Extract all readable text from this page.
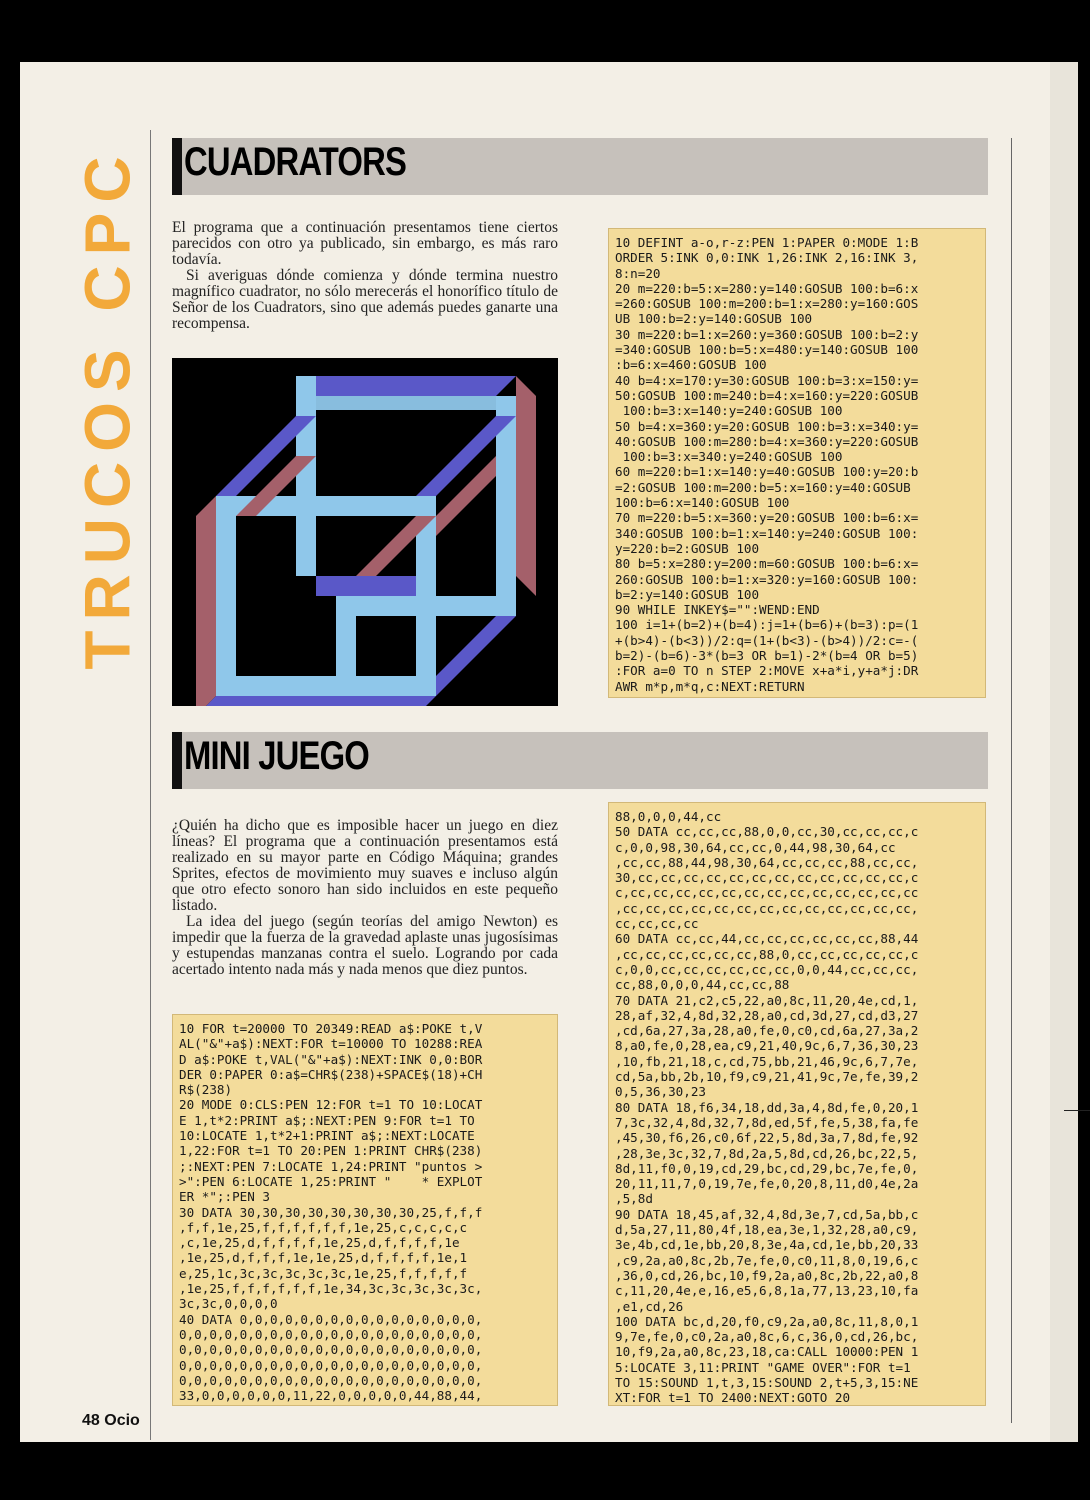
TRUCOS CPC CUADRATORS

El programa que a continuación presentamos tiene ciertos parecidos con otro ya publicado, sin embargo, es más raro todavía.

Si averiguas dónde comienza y dónde termina nuestro magnífico cuadrator, no sólo merecerás el honorífico título de Señor de los Cuadrators, sino que además puedes ganarte una recompensa.

10 DEFINT a-o,r-z:PEN 1:PAPER 0:MODE 1:B
ORDER 5:INK 0,0:INK 1,26:INK 2,16:INK 3,
8:n=20
20 m=220:b=5:x=280:y=140:GOSUB 100:b=6:x
=260:GOSUB 100:m=200:b=1:x=280:y=160:GOS
UB 100:b=2:y=140:GOSUB 100
30 m=220:b=1:x=260:y=360:GOSUB 100:b=2:y
=340:GOSUB 100:b=5:x=480:y=140:GOSUB 100
:b=6:x=460:GOSUB 100
40 b=4:x=170:y=30:GOSUB 100:b=3:x=150:y=
50:GOSUB 100:m=240:b=4:x=160:y=220:GOSUB
100:b=3:x=140:y=240:GOSUB 100
50 b=4:x=360:y=20:GOSUB 100:b=3:x=340:y=
40:GOSUB 100:m=280:b=4:x=360:y=220:GOSUB
100:b=3:x=340:y=240:GOSUB 100
60 m=220:b=1:x=140:y=40:GOSUB 100:y=20:b
=2:GOSUB 100:m=200:b=5:x=160:y=40:GOSUB
100:b=6:x=140:GOSUB 100
70 m=220:b=5:x=360:y=20:GOSUB 100:b=6:x=
340:GOSUB 100:b=1:x=140:y=240:GOSUB 100:
y=220:b=2:GOSUB 100
80 b=5:x=280:y=200:m=60:GOSUB 100:b=6:x=
260:GOSUB 100:b=1:x=320:y=160:GOSUB 100:
b=2:y=140:GOSUB 100
90 WHILE INKEY$="":WEND:END
100 i=1+(b=2)+(b=4):j=1+(b=6)+(b=3):p=(1
+(b>4)-(b<3))/2:q=(1+(b<3)-(b>4))/2:c=-(
b=2)-(b=6)-3*(b=3 OR b=1)-2*(b=4 OR b=5)
:FOR a=0 TO n STEP 2:MOVE x+a*i,y+a*j:DR
AWR m*p,m*q,c:NEXT:RETURN
MINI JUEGO

¿Quién ha dicho que es imposible hacer un juego en diez líneas? El programa que a continuación presentamos está realizado en su mayor parte en Código Máquina; grandes Sprites, efectos de movimiento muy suaves e incluso algún que otro efecto sonoro han sido incluidos en este pequeño listado.

La idea del juego (según teorías del amigo Newton) es impedir que la fuerza de la gravedad aplaste unas jugosísimas y estupendas manzanas contra el suelo. Logrando por cada acertado intento nada más y nada menos que diez puntos.

10 FOR t=20000 TO 20349:READ a$:POKE t,V
AL("&"+a$):NEXT:FOR t=10000 TO 10288:REA
D a$:POKE t,VAL("&"+a$):NEXT:INK 0,0:BOR
DER 0:PAPER 0:a$=CHR$(238)+SPACE$(18)+CH
R$(238)
20 MODE 0:CLS:PEN 12:FOR t=1 TO 10:LOCAT
E 1,t*2:PRINT a$;:NEXT:PEN 9:FOR t=1 TO
10:LOCATE 1,t*2+1:PRINT a$;:NEXT:LOCATE
1,22:FOR t=1 TO 20:PEN 1:PRINT CHR$(238)
;:NEXT:PEN 7:LOCATE 1,24:PRINT "puntos >
>":PEN 6:LOCATE 1,25:PRINT "    * EXPLOT
ER *";:PEN 3
30 DATA 30,30,30,30,30,30,30,30,25,f,f,f
,f,f,1e,25,f,f,f,f,f,f,1e,25,c,c,c,c,c
,c,1e,25,d,f,f,f,f,1e,25,d,f,f,f,f,1e
,1e,25,d,f,f,f,1e,1e,25,d,f,f,f,f,1e,1
e,25,1c,3c,3c,3c,3c,3c,1e,25,f,f,f,f,f
,1e,25,f,f,f,f,f,f,1e,34,3c,3c,3c,3c,3c,
3c,3c,0,0,0,0
40 DATA 0,0,0,0,0,0,0,0,0,0,0,0,0,0,0,0,
0,0,0,0,0,0,0,0,0,0,0,0,0,0,0,0,0,0,0,0,
0,0,0,0,0,0,0,0,0,0,0,0,0,0,0,0,0,0,0,0,
0,0,0,0,0,0,0,0,0,0,0,0,0,0,0,0,0,0,0,0,
0,0,0,0,0,0,0,0,0,0,0,0,0,0,0,0,0,0,0,0,
33,0,0,0,0,0,0,11,22,0,0,0,0,0,44,88,44,
88,0,0,0,44,cc
50 DATA cc,cc,cc,88,0,0,cc,30,cc,cc,cc,c
c,0,0,98,30,64,cc,cc,0,44,98,30,64,cc
,cc,cc,88,44,98,30,64,cc,cc,cc,88,cc,cc,
30,cc,cc,cc,cc,cc,cc,cc,cc,cc,cc,cc,cc,c
c,cc,cc,cc,cc,cc,cc,cc,cc,cc,cc,cc,cc,cc
,cc,cc,cc,cc,cc,cc,cc,cc,cc,cc,cc,cc,cc,
cc,cc,cc,cc
60 DATA cc,cc,44,cc,cc,cc,cc,cc,cc,88,44
,cc,cc,cc,cc,cc,cc,88,0,cc,cc,cc,cc,cc,c
c,0,0,cc,cc,cc,cc,cc,cc,0,0,44,cc,cc,cc,
cc,88,0,0,0,44,cc,cc,88
70 DATA 21,c2,c5,22,a0,8c,11,20,4e,cd,1,
28,af,32,4,8d,32,28,a0,cd,3d,27,cd,d3,27
,cd,6a,27,3a,28,a0,fe,0,c0,cd,6a,27,3a,2
8,a0,fe,0,28,ea,c9,21,40,9c,6,7,36,30,23
,10,fb,21,18,c,cd,75,bb,21,46,9c,6,7,7e,
cd,5a,bb,2b,10,f9,c9,21,41,9c,7e,fe,39,2
0,5,36,30,23
80 DATA 18,f6,34,18,dd,3a,4,8d,fe,0,20,1
7,3c,32,4,8d,32,7,8d,ed,5f,fe,5,38,fa,fe
,45,30,f6,26,c0,6f,22,5,8d,3a,7,8d,fe,92
,28,3e,3c,32,7,8d,2a,5,8d,cd,26,bc,22,5,
8d,11,f0,0,19,cd,29,bc,cd,29,bc,7e,fe,0,
20,11,11,7,0,19,7e,fe,0,20,8,11,d0,4e,2a
,5,8d
90 DATA 18,45,af,32,4,8d,3e,7,cd,5a,bb,c
d,5a,27,11,80,4f,18,ea,3e,1,32,28,a0,c9,
3e,4b,cd,1e,bb,20,8,3e,4a,cd,1e,bb,20,33
,c9,2a,a0,8c,2b,7e,fe,0,c0,11,8,0,19,6,c
,36,0,cd,26,bc,10,f9,2a,a0,8c,2b,22,a0,8
c,11,20,4e,e,16,e5,6,8,1a,77,13,23,10,fa
,e1,cd,26
100 DATA bc,d,20,f0,c9,2a,a0,8c,11,8,0,1
9,7e,fe,0,c0,2a,a0,8c,6,c,36,0,cd,26,bc,
10,f9,2a,a0,8c,23,18,ca:CALL 10000:PEN 1
5:LOCATE 3,11:PRINT "GAME OVER":FOR t=1
TO 15:SOUND 1,t,3,15:SOUND 2,t+5,3,15:NE
XT:FOR t=1 TO 2400:NEXT:GOTO 20
48 Ocio
